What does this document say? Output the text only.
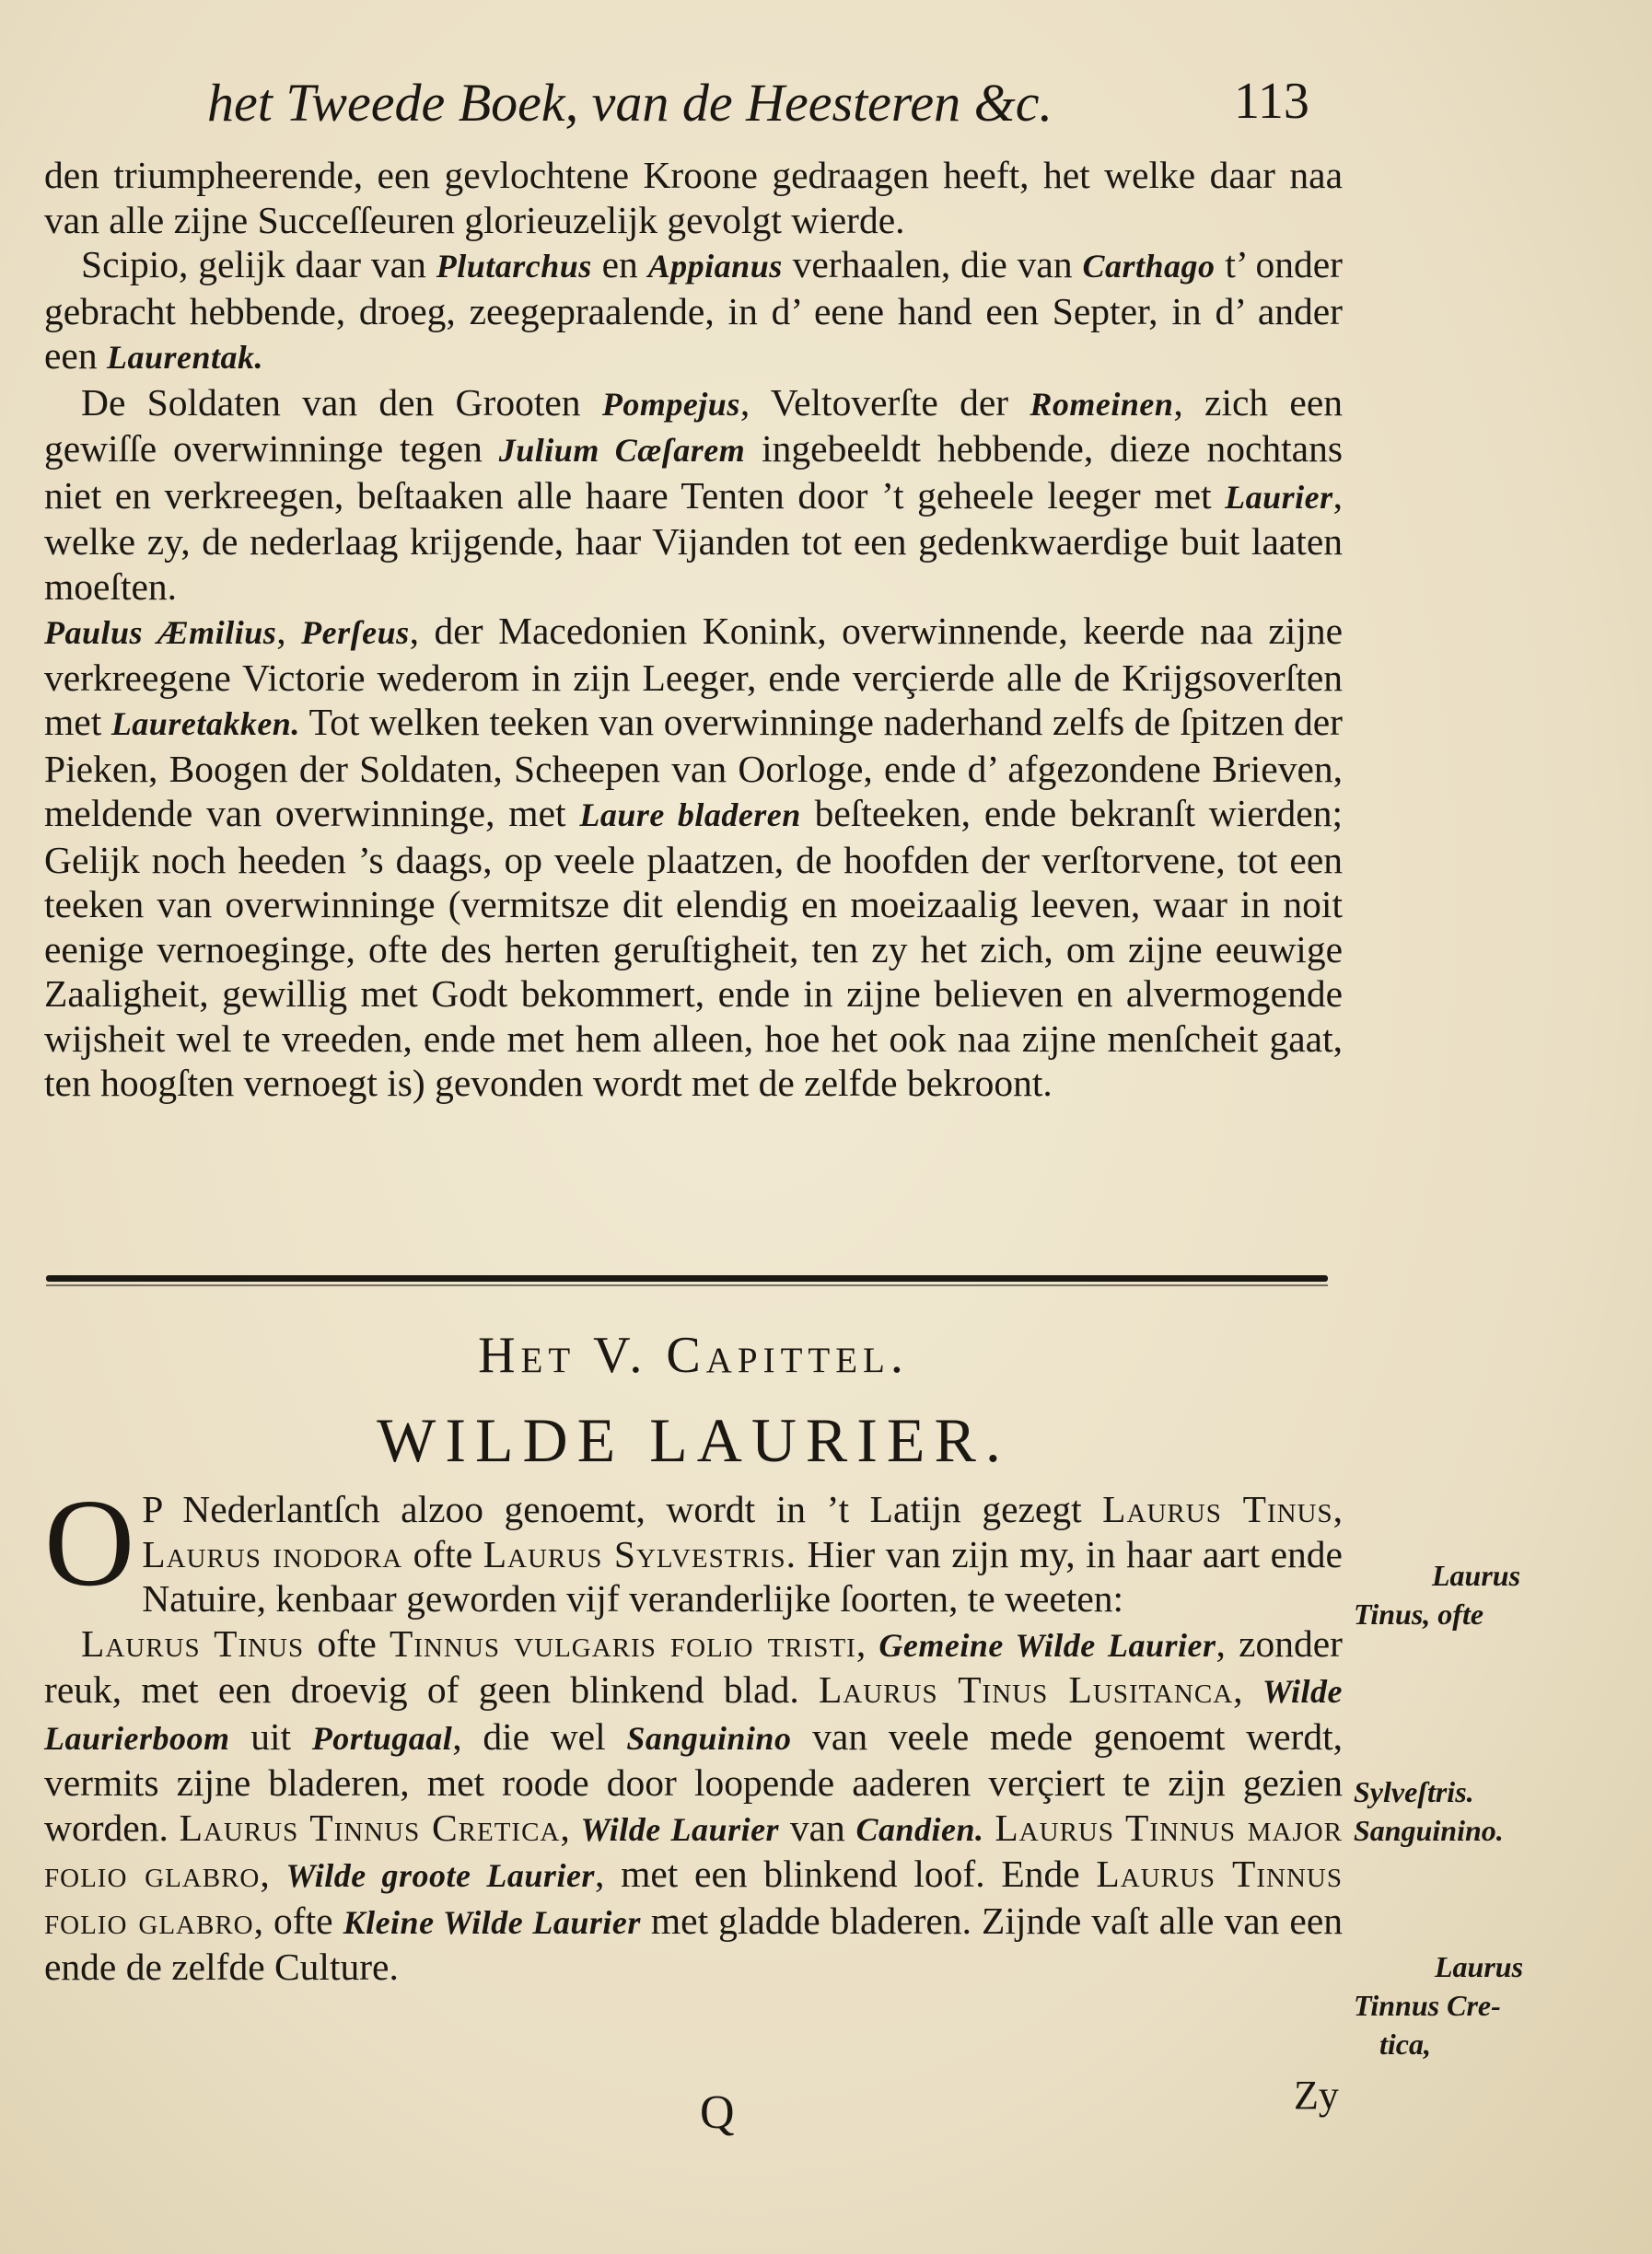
het Tweede Boek, van de Heesteren &c.	113

den triumpheerende, een gevlochtene Kroone gedraagen heeft, het welke daar naa van alle zijne Succeſſeuren glorieuzelijk gevolgt wierde.

Scipio, gelijk daar van Plutarchus en Appianus verhaalen, die van Carthago t’ onder gebracht hebbende, droeg, zeegepraalende, in d’ eene hand een Septer, in d’ ander een Laurentak.

De Soldaten van den Grooten Pompejus, Veltoverſte der Romeinen, zich een gewiſſe overwinninge tegen Julium Cæſarem ingebeeldt hebbende, dieze nochtans niet en verkreegen, beſtaaken alle haare Tenten door ’t geheele leeger met Laurier, welke zy, de nederlaag krijgende, haar Vijanden tot een gedenkwaerdige buit laaten moeſten.

Paulus Æmilius, Perſeus, der Macedonien Konink, overwinnende, keerde naa zijne verkreegene Victorie wederom in zijn Leeger, ende verçierde alle de Krijgsoverſten met Lauretakken. Tot welken teeken van overwinninge naderhand zelfs de ſpitzen der Pieken, Boogen der Soldaten, Scheepen van Oorloge, ende d’ afgezondene Brieven, meldende van overwinninge, met Laure bladeren beſteeken, ende bekranſt wierden; Gelijk noch heeden ’s daags, op veele plaatzen, de hoofden der verſtorvene, tot een teeken van overwinninge (vermitsze dit elendig en moeizaalig leeven, waar in noit eenige vernoeginge, ofte des herten geruſtigheit, ten zy het zich, om zijne eeuwige Zaaligheit, gewillig met Godt bekommert, ende in zijne believen en alvermogende wijsheit wel te vreeden, ende met hem alleen, hoe het ook naa zijne menſcheit gaat, ten hoogſten vernoegt is) gevonden wordt met de zelfde bekroont.

Het V. Capittel.
WILDE LAURIER.

O P Nederlantſch alzoo genoemt, wordt in ’t Latijn gezegt Laurus Tinus, Laurus inodora ofte Laurus Sylvestris. Hier van zijn my, in haar aart ende Natuire, kenbaar geworden vijf veranderlijke ſoorten, te weeten:

Laurus Tinus ofte Tinnus vulgaris folio tristi, Gemeine Wilde Laurier, zonder reuk, met een droevig of geen blinkend blad. Laurus Tinus Lusitanca, Wilde Laurierboom uit Portugaal, die wel Sanguinino van veele mede genoemt werdt, vermits zijne bladeren, met roode door loopende aaderen verçiert te zijn gezien worden. Laurus Tinnus Cretica, Wilde Laurier van Candien. Laurus Tinnus major folio glabro, Wilde groote Laurier, met een blinkend loof. Ende Laurus Tinnus folio glabro, ofte Kleine Wilde Laurier met gladde bladeren. Zijnde vaſt alle van een ende de zelfde Culture.

Laurus
Tinus, ofte
Sylveſtris.
Sanguinino.
Laurus
Tinnus Cre-
tica,
Q	Zy
